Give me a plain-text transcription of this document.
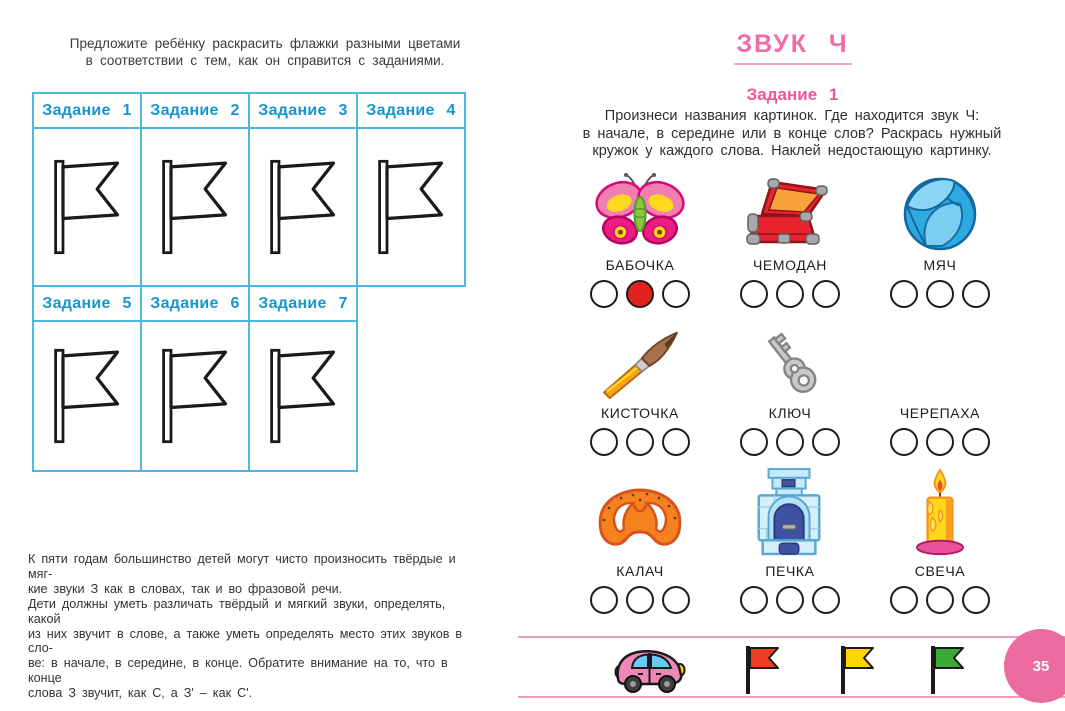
Предложите ребёнку раскрасить флажки разными цветами
в соответствии с тем, как он справится с заданиями.
Задание 1	Задание 2	Задание 3	Задание 4
Задание 5	Задание 6	Задание 7
К пяти годам большинство детей могут чисто произносить твёрдые и мяг-
кие звуки З как в словах, так и во фразовой речи.
Дети должны уметь различать твёрдый и мягкий звуки, определять, какой
из них звучит в слове, а также уметь определять место этих звуков в сло-
ве: в начале, в середине, в конце. Обратите внимание на то, что в конце
слова З звучит, как С, а З' – как С'.
ЗВУК Ч
Задание 1
Произнеси названия картинок. Где находится звук Ч:
в начале, в середине или в конце слов? Раскрась нужный
кружок у каждого слова. Наклей недостающую картинку.
БАБОЧКА	ЧЕМОДАН	МЯЧ
КИСТОЧКА	КЛЮЧ	ЧЕРЕПАХА
КАЛАЧ	ПЕЧКА	СВЕЧА
35
